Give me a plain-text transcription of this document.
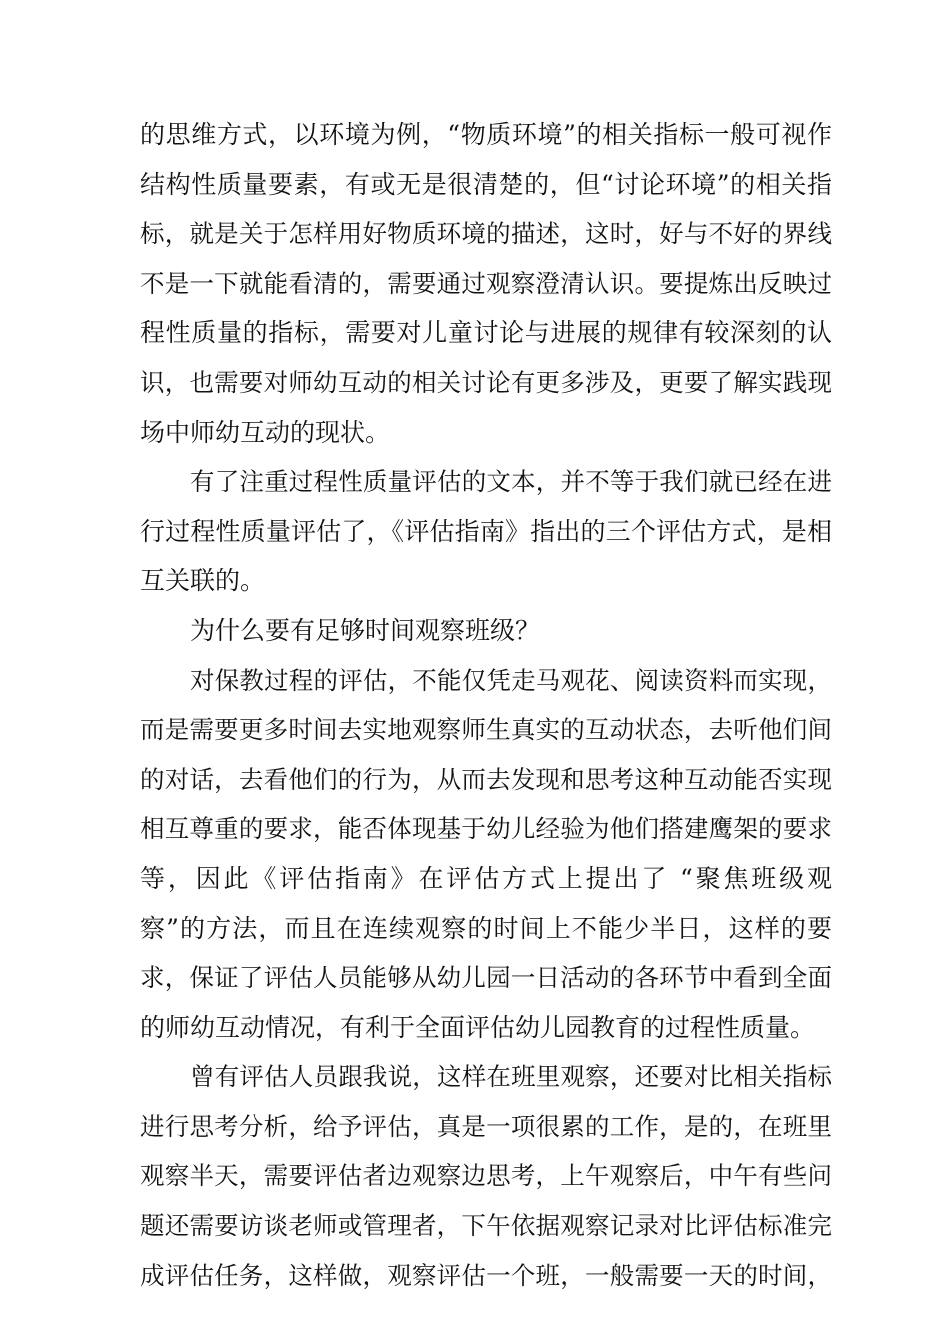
的思维方式，以环境为例，“物质环境”的相关指标一般可视作
结构性质量要素，有或无是很清楚的，但“讨论环境”的相关指
标，就是关于怎样用好物质环境的描述，这时，好与不好的界线
不是一下就能看清的，需要通过观察澄清认识。要提炼出反映过
程性质量的指标，需要对儿童讨论与进展的规律有较深刻的认
识，也需要对师幼互动的相关讨论有更多涉及，更要了解实践现
场中师幼互动的现状。
有了注重过程性质量评估的文本，并不等于我们就已经在进
行过程性质量评估了，《评估指南》指出的三个评估方式，是相
互关联的。
为什么要有足够时间观察班级？
对保教过程的评估，不能仅凭走马观花、阅读资料而实现，
而是需要更多时间去实地观察师生真实的互动状态，去听他们间
的对话，去看他们的行为，从而去发现和思考这种互动能否实现
相互尊重的要求，能否体现基于幼儿经验为他们搭建鹰架的要求
等，因此《评估指南》在评估方式上提出了 “聚焦班级观
察”的方法，而且在连续观察的时间上不能少半日，这样的要
求，保证了评估人员能够从幼儿园一日活动的各环节中看到全面
的师幼互动情况，有利于全面评估幼儿园教育的过程性质量。
曾有评估人员跟我说，这样在班里观察，还要对比相关指标
进行思考分析，给予评估，真是一项很累的工作，是的，在班里
观察半天，需要评估者边观察边思考，上午观察后，中午有些问
题还需要访谈老师或管理者，下午依据观察记录对比评估标准完
成评估任务，这样做，观察评估一个班，一般需要一天的时间，
